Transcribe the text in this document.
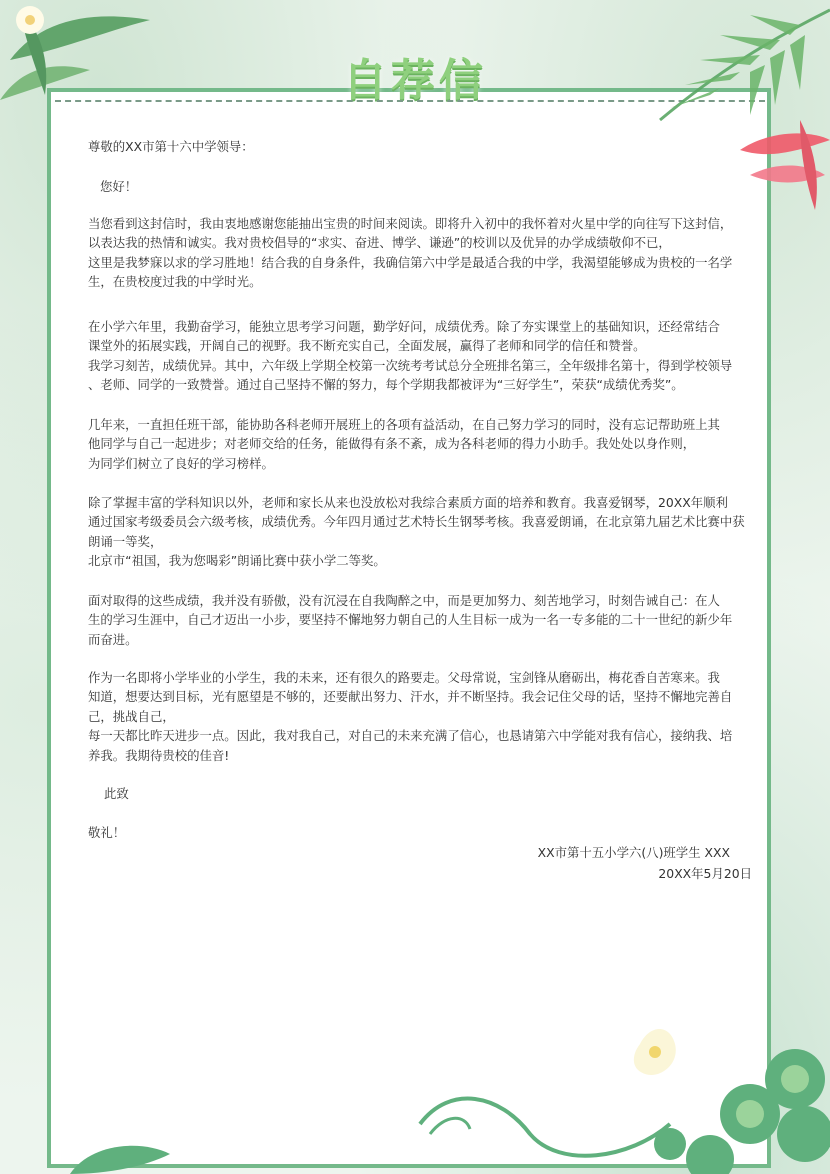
自荐信
尊敬的XX市第十六中学领导：
您好！
当您看到这封信时，我由衷地感谢您能抽出宝贵的时间来阅读。即将升入初中的我怀着对火星中学的向往写下这封信，
以表达我的热情和诚实。我对贵校倡导的“求实、奋进、博学、谦逊”的校训以及优异的办学成绩敬仰不已，
这里是我梦寐以求的学习胜地！结合我的自身条件，我确信第六中学是最适合我的中学，我渴望能够成为贵校的一名学
生，在贵校度过我的中学时光。
在小学六年里，我勤奋学习，能独立思考学习问题，勤学好问，成绩优秀。除了夯实课堂上的基础知识，还经常结合
课堂外的拓展实践，开阔自己的视野。我不断充实自己，全面发展，赢得了老师和同学的信任和赞誉。
我学习刻苦，成绩优异。其中，六年级上学期全校第一次统考考试总分全班排名第三，全年级排名第十，得到学校领导
、老师、同学的一致赞誉。通过自己坚持不懈的努力，每个学期我都被评为“三好学生”，荣获“成绩优秀奖”。
几年来，一直担任班干部，能协助各科老师开展班上的各项有益活动，在自己努力学习的同时，没有忘记帮助班上其
他同学与自己一起进步；对老师交给的任务，能做得有条不紊，成为各科老师的得力小助手。我处处以身作则，
为同学们树立了良好的学习榜样。
除了掌握丰富的学科知识以外，老师和家长从来也没放松对我综合素质方面的培养和教育。我喜爱钢琴，20XX年顺利
通过国家考级委员会六级考核，成绩优秀。今年四月通过艺术特长生钢琴考核。我喜爱朗诵，在北京第九届艺术比赛中获
朗诵一等奖，
北京市“祖国，我为您喝彩”朗诵比赛中获小学二等奖。
面对取得的这些成绩，我并没有骄傲，没有沉浸在自我陶醉之中，而是更加努力、刻苦地学习，时刻告诫自己：在人
生的学习生涯中，自己才迈出一小步，要坚持不懈地努力朝自己的人生目标一成为一名一专多能的二十一世纪的新少年
而奋进。
作为一名即将小学毕业的小学生，我的未来，还有很久的路要走。父母常说，宝剑锋从磨砺出，梅花香自苦寒来。我
知道，想要达到目标，光有愿望是不够的，还要献出努力、汗水，并不断坚持。我会记住父母的话，坚持不懈地完善自
己，挑战自己，
每一天都比昨天进步一点。因此，我对我自己，对自己的未来充满了信心，也恳请第六中学能对我有信心，接纳我、培
养我。我期待贵校的佳音!
此致
敬礼！
XX市第十五小学六(八)班学生 XXX
20XX年5月20日
